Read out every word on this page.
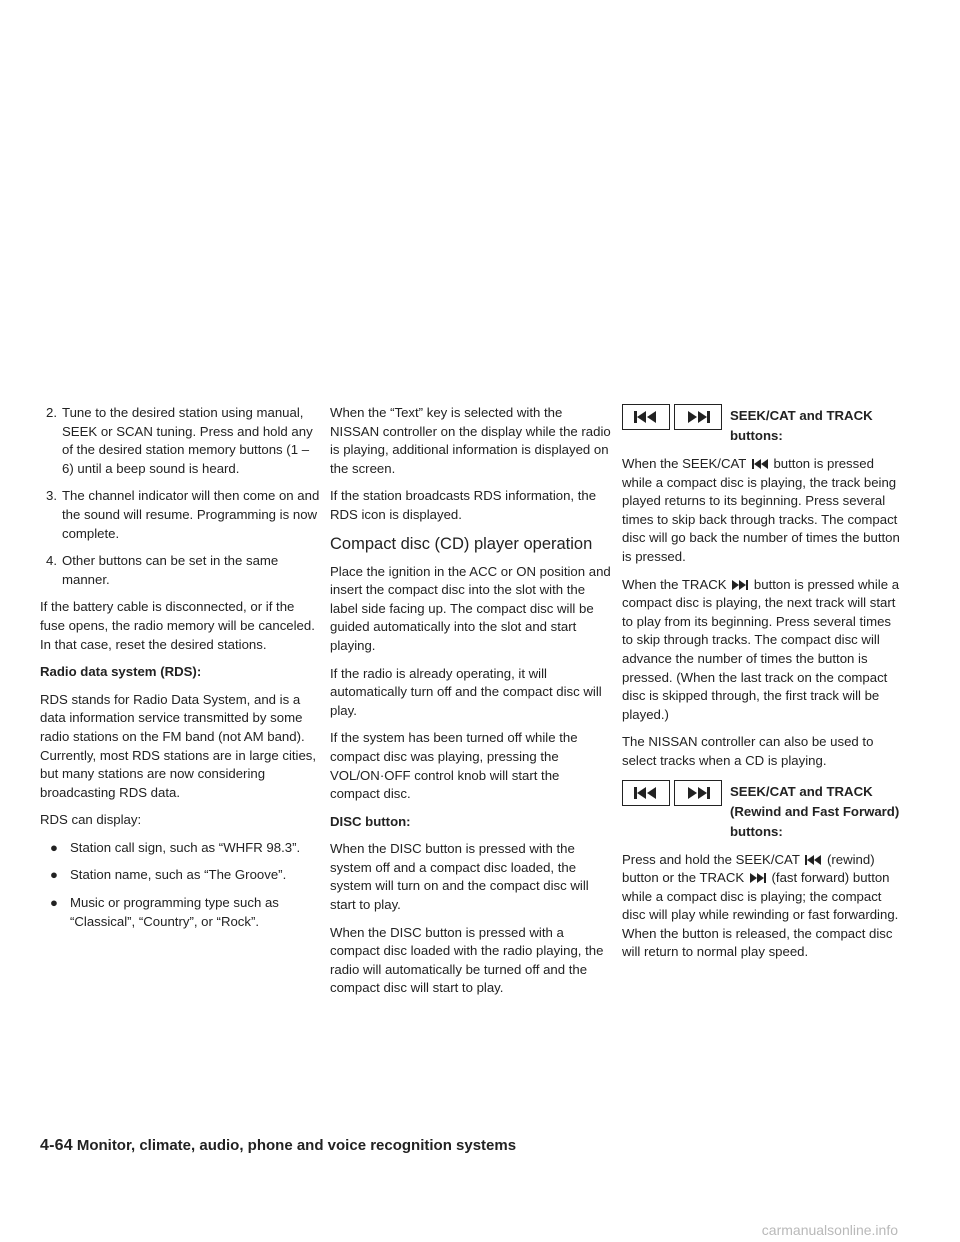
2. Tune to the desired station using manual, SEEK or SCAN tuning. Press and hold any of the desired station memory buttons (1 – 6) until a beep sound is heard.
3. The channel indicator will then come on and the sound will resume. Programming is now complete.
4. Other buttons can be set in the same manner.

If the battery cable is disconnected, or if the fuse opens, the radio memory will be canceled. In that case, reset the desired stations.

Radio data system (RDS):

RDS stands for Radio Data System, and is a data information service transmitted by some radio stations on the FM band (not AM band). Currently, most RDS stations are in large cities, but many stations are now considering broadcasting RDS data.

RDS can display:

● Station call sign, such as “WHFR 98.3”.
● Station name, such as “The Groove”.
● Music or programming type such as “Classical”, “Country”, or “Rock”.

When the “Text” key is selected with the NISSAN controller on the display while the radio is playing, additional information is displayed on the screen.

If the station broadcasts RDS information, the RDS icon is displayed.

Compact disc (CD) player operation

Place the ignition in the ACC or ON position and insert the compact disc into the slot with the label side facing up. The compact disc will be guided automatically into the slot and start playing.

If the radio is already operating, it will automatically turn off and the compact disc will play.

If the system has been turned off while the compact disc was playing, pressing the VOL/ON·OFF control knob will start the compact disc.

DISC button:

When the DISC button is pressed with the system off and a compact disc loaded, the system will turn on and the compact disc will start to play.

When the DISC button is pressed with a compact disc loaded with the radio playing, the radio will automatically be turned off and the compact disc will start to play.

SEEK/CAT and TRACK buttons:

When the SEEK/CAT button is pressed while a compact disc is playing, the track being played returns to its beginning. Press several times to skip back through tracks. The compact disc will go back the number of times the button is pressed.

When the TRACK button is pressed while a compact disc is playing, the next track will start to play from its beginning. Press several times to skip through tracks. The compact disc will advance the number of times the button is pressed. (When the last track on the compact disc is skipped through, the first track will be played.)

The NISSAN controller can also be used to select tracks when a CD is playing.

SEEK/CAT and TRACK (Rewind and Fast Forward) buttons:

Press and hold the SEEK/CAT (rewind) button or the TRACK (fast forward) button while a compact disc is playing; the compact disc will play while rewinding or fast forwarding. When the button is released, the compact disc will return to normal play speed.

4-64 Monitor, climate, audio, phone and voice recognition systems
carmanualsonline.info
